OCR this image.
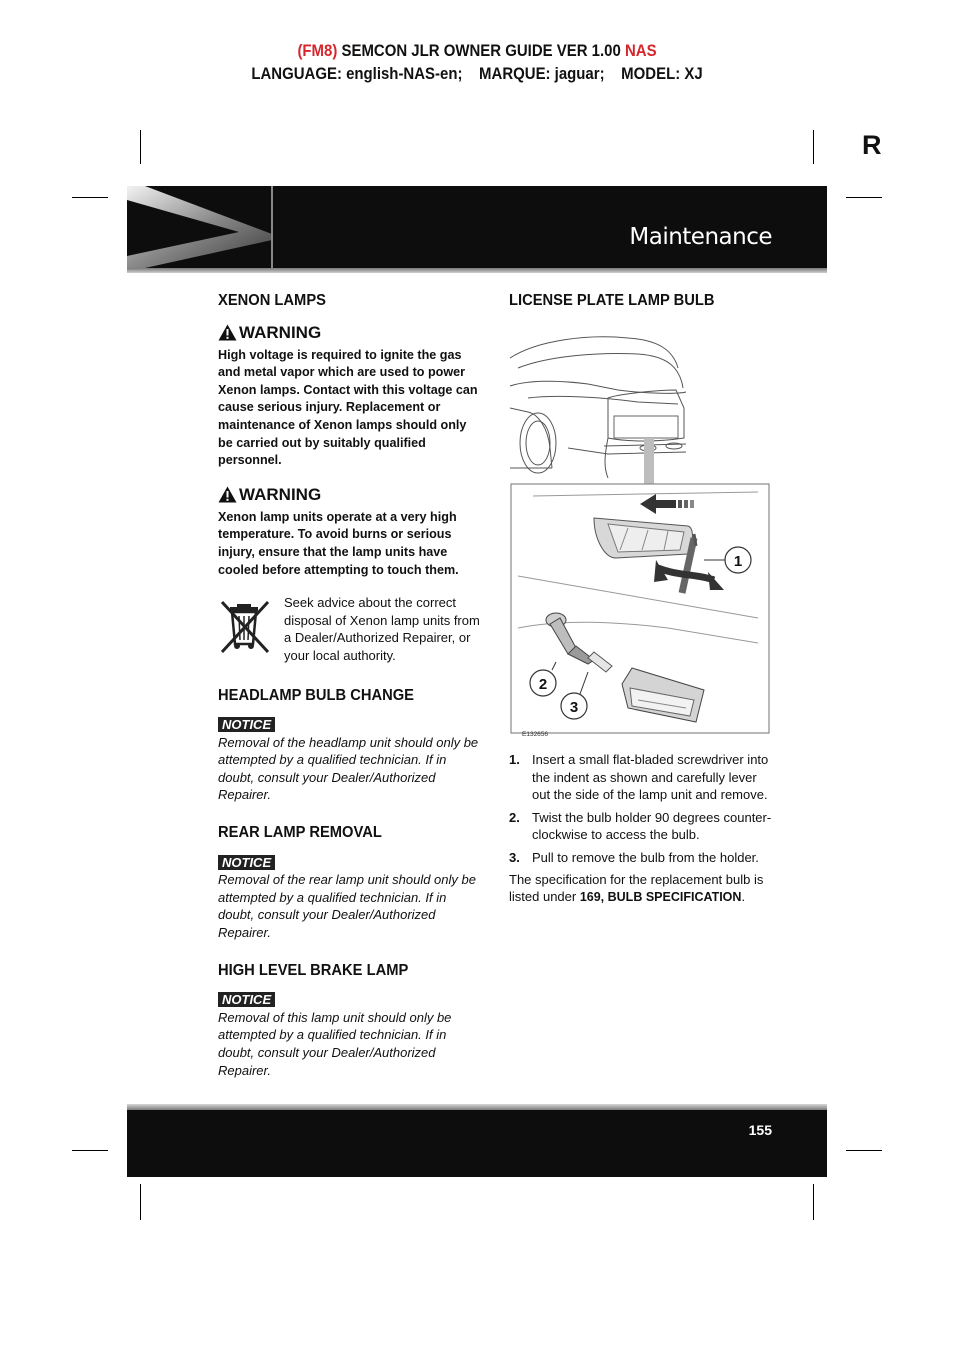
(FM8) SEMCON JLR OWNER GUIDE VER 1.00 NAS
LANGUAGE: english-NAS-en;    MARQUE: jaguar;    MODEL: XJ
R
Maintenance
XENON LAMPS
WARNING

High voltage is required to ignite the gas and metal vapor which are used to power Xenon lamps. Contact with this voltage can cause serious injury. Replacement or maintenance of Xenon lamps should only be carried out by suitably qualified personnel.

WARNING

Xenon lamp units operate at a very high temperature. To avoid burns or serious injury, ensure that the lamp units have cooled before attempting to touch them.

Seek advice about the correct disposal of Xenon lamp units from a Dealer/Authorized Repairer, or your local authority.

HEADLAMP BULB CHANGE
NOTICE

Removal of the headlamp unit should only be attempted by a qualified technician. If in doubt, consult your Dealer/Authorized Repairer.

REAR LAMP REMOVAL
NOTICE

Removal of the rear lamp unit should only be attempted by a qualified technician. If in doubt, consult your Dealer/Authorized Repairer.

HIGH LEVEL BRAKE LAMP
NOTICE

Removal of this lamp unit should only be attempted by a qualified technician. If in doubt, consult your Dealer/Authorized Repairer.

LICENSE PLATE LAMP BULB
1
2
3
E132656
1. Insert a small flat-bladed screwdriver into the indent as shown and carefully lever out the side of the lamp unit and remove.
2. Twist the bulb holder 90 degrees counter-clockwise to access the bulb.
3. Pull to remove the bulb from the holder.

The specification for the replacement bulb is listed under 169, BULB SPECIFICATION.

155
